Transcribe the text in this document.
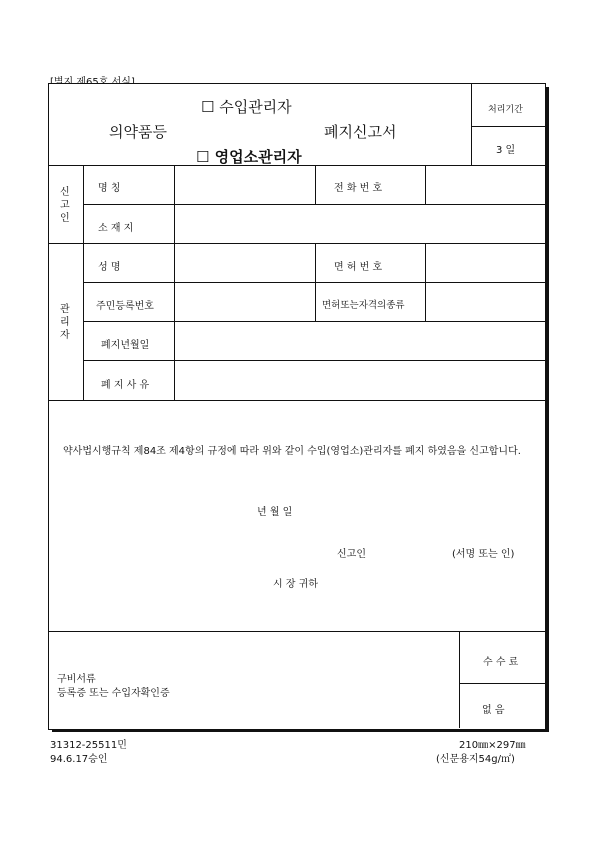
☐ 수입관리자
의약품등	폐지신고서
☐ 영업소관리자
처리기간
3 일
신
고
인
명 칭	전 화 번 호
소 재 지
관
리
자
성 명	면 허 번 호
주민등록번호	면허또는자격의종류
폐지년월일
폐 지 사 유
약사법시행규칙 제84조 제4항의 규정에 따라 위와 같이 수입(영업소)관리자를 폐지 하였음을 신고합니다.
년 월 일
신고인	(서명 또는 인)
시 장 귀하
구비서류
등록증 또는 수입자확인증
수 수 료
없 음
31312-25511민
94.6.17승인
210㎜×297㎜
(신문용지54g/㎡)
